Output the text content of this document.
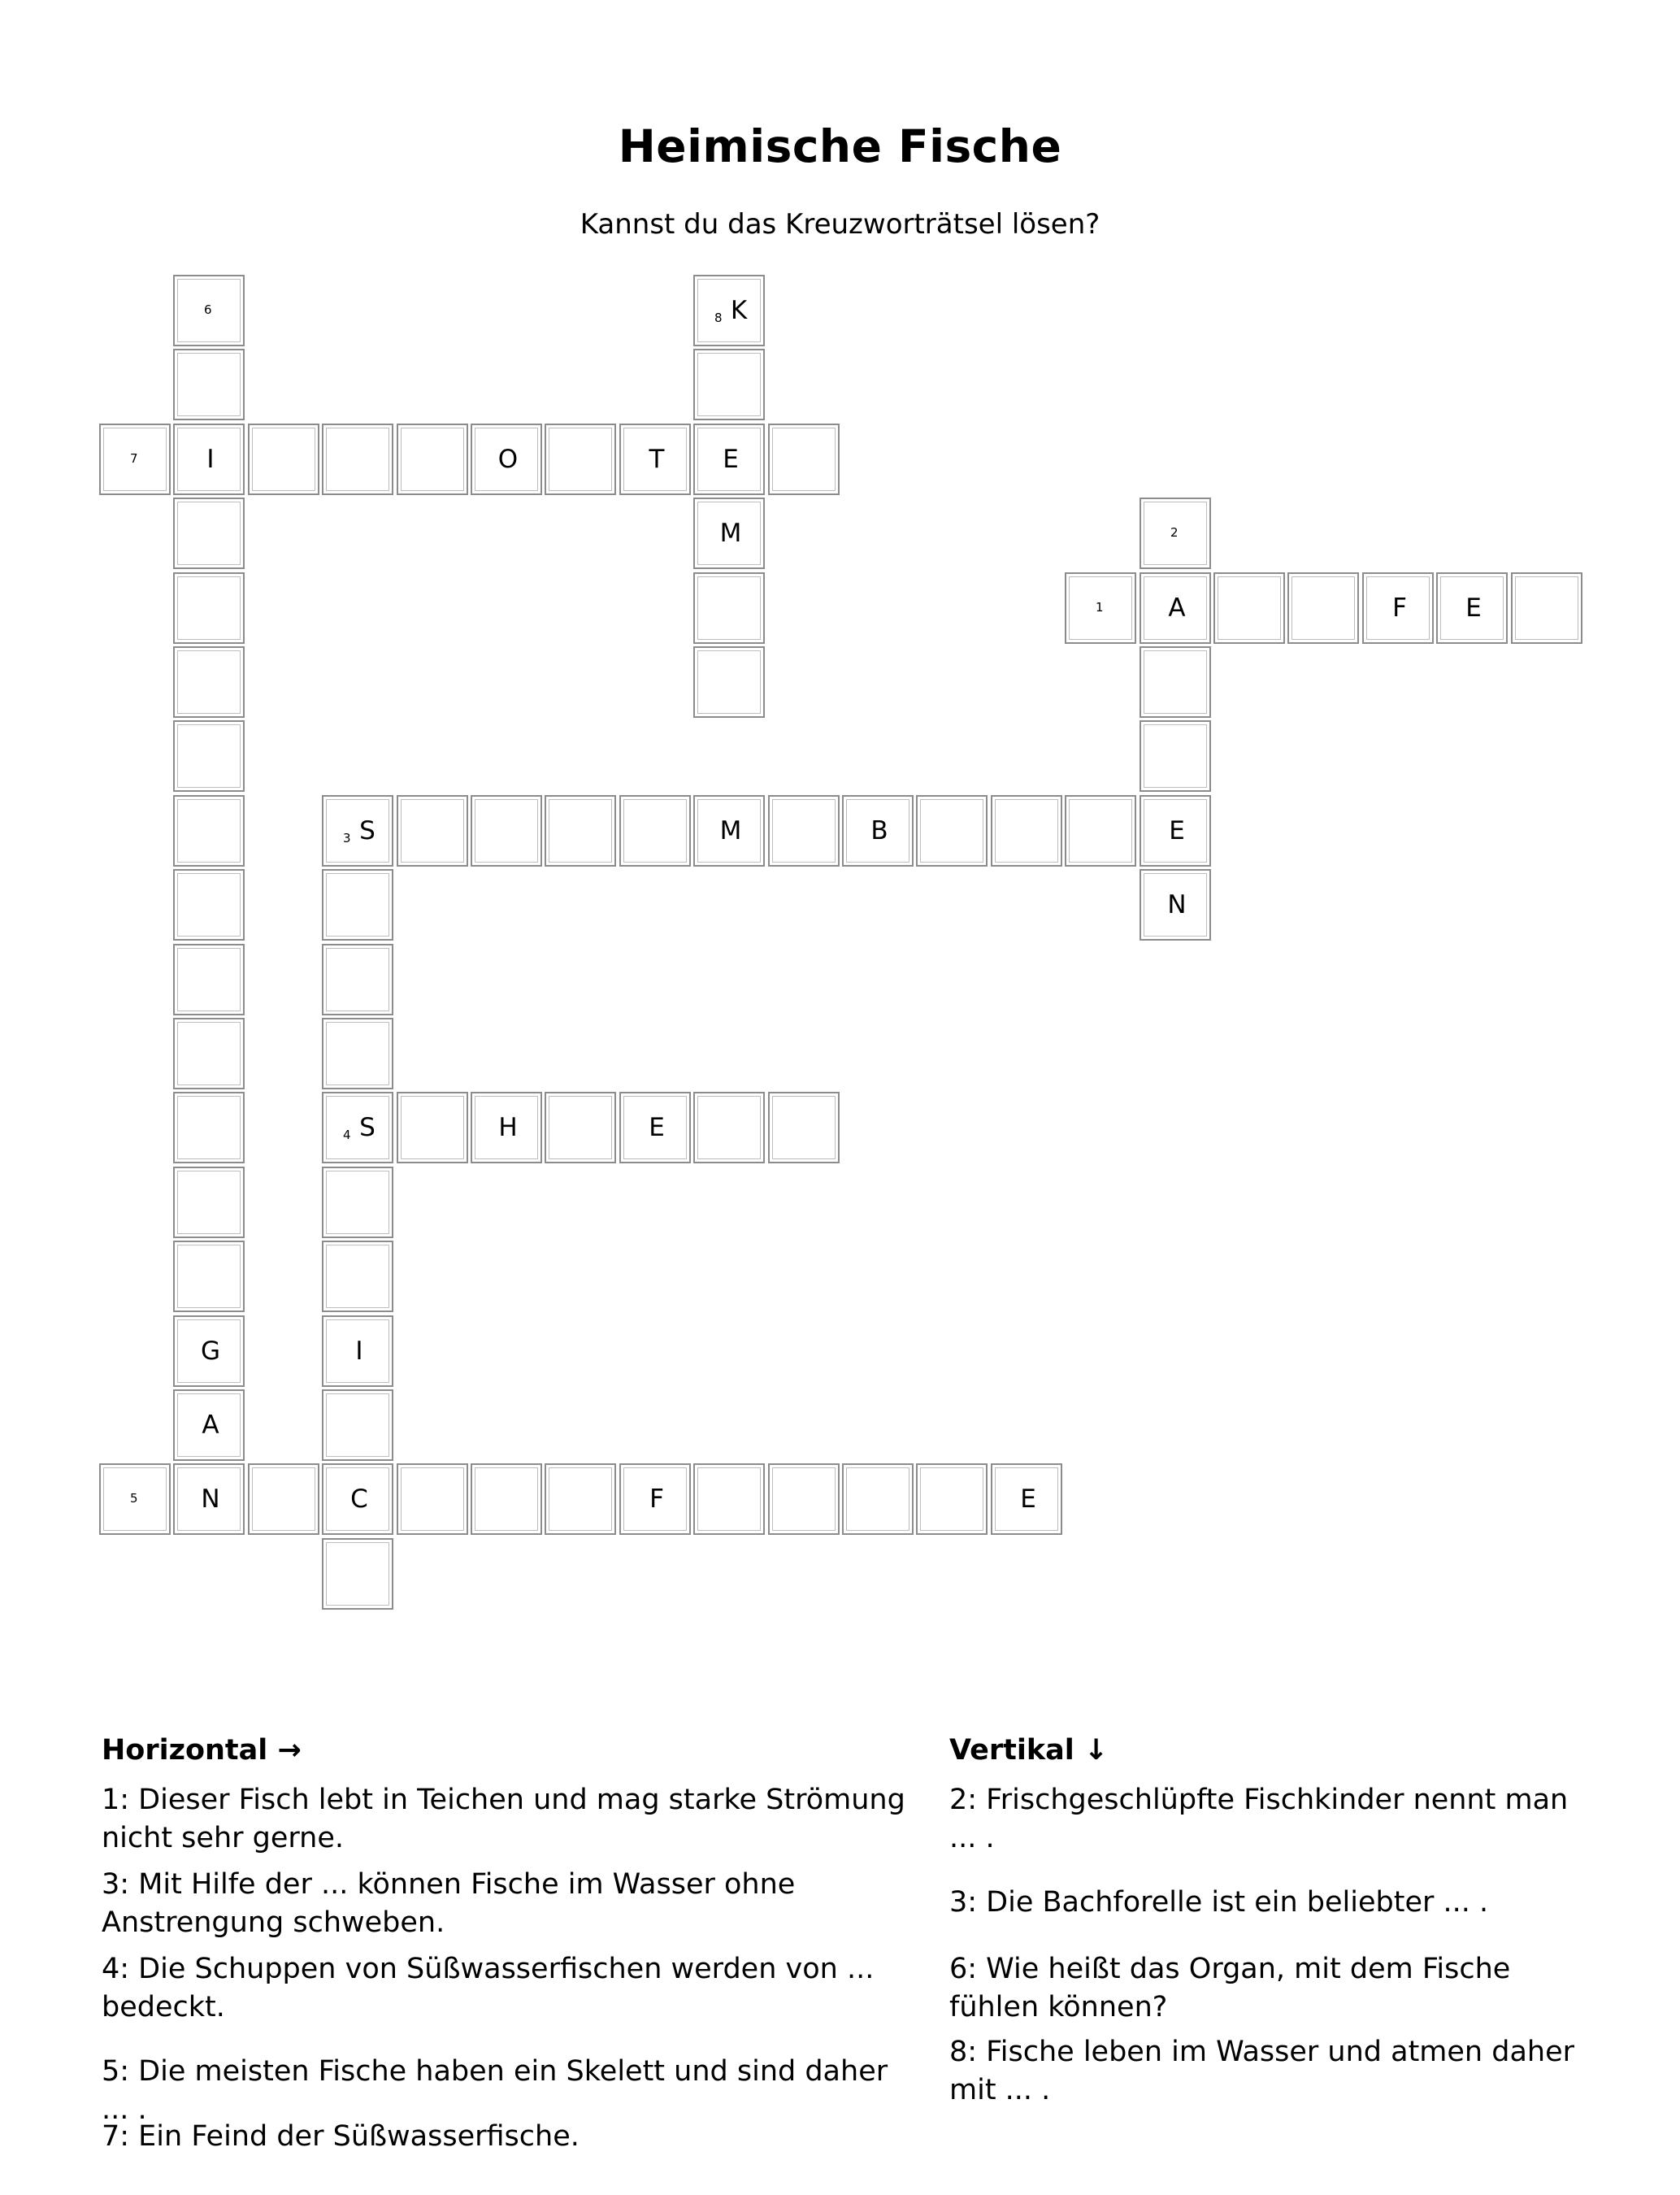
Heimische Fische
Kannst du das Kreuzworträtsel lösen?
6
8 K
7	I	O	T	E
M	2
1	A	F	E
3 S	M	B	E
N
4 S	H	E
G	I
A
5	N	C	F	E
Horizontal →
1: Dieser Fisch lebt in Teichen und mag starke Strömung nicht sehr gerne.
3: Mit Hilfe der ... können Fische im Wasser ohne Anstrengung schweben.
4: Die Schuppen von Süßwasserfischen werden von ... bedeckt.
5: Die meisten Fische haben ein Skelett und sind daher ... .
7: Ein Feind der Süßwasserfische.
Vertikal ↓
2: Frischgeschlüpfte Fischkinder nennt man ... .
3: Die Bachforelle ist ein beliebter ... .
6: Wie heißt das Organ, mit dem Fische fühlen können?
8: Fische leben im Wasser und atmen daher mit ... .
